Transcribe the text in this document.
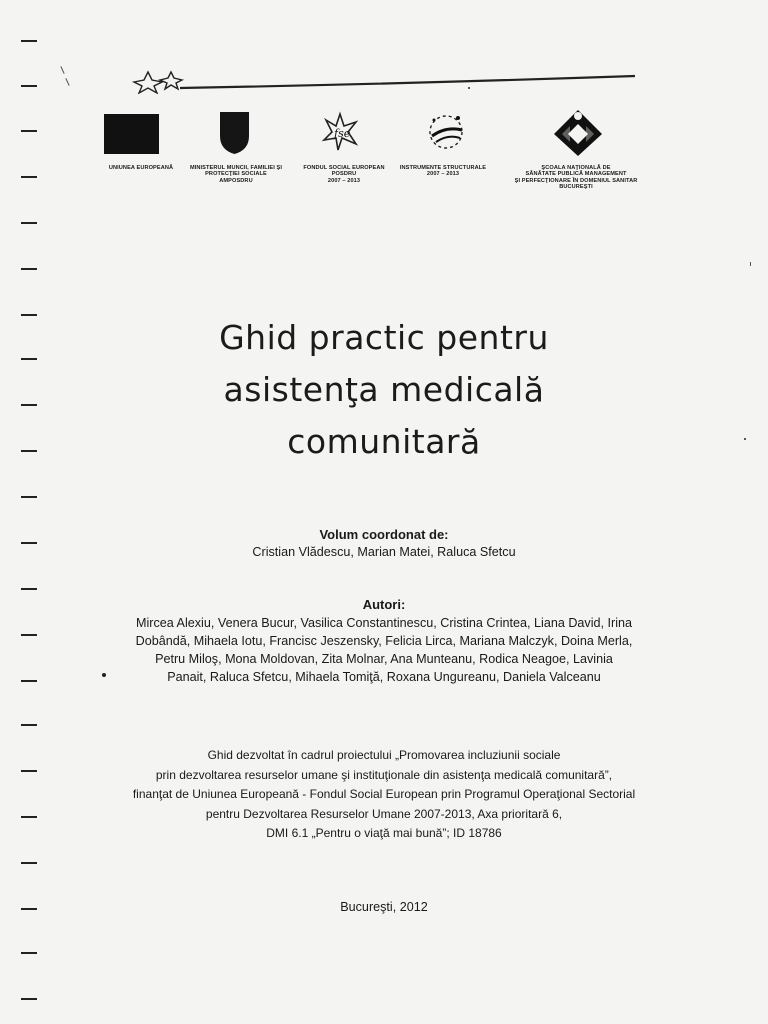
fse
UNIUNEA EUROPEANĂ	MINISTERUL MUNCII, FAMILIEI ŞI
PROTECŢIEI SOCIALE
AMPOSDRU
FONDUL SOCIAL EUROPEAN
POSDRU
2007 – 2013
INSTRUMENTE STRUCTURALE
2007 – 2013
ŞCOALA NAŢIONALĂ DE
SĂNĂTATE PUBLICĂ MANAGEMENT
ŞI PERFECŢIONARE ÎN DOMENIUL SANITAR
BUCUREŞTI
Ghid practic pentru
asistenţa medicală
comunitară
Volum coordonat de:
Cristian Vlădescu, Marian Matei, Raluca Sfetcu
Autori:
Mircea Alexiu, Venera Bucur, Vasilica Constantinescu, Cristina Crintea, Liana David, Irina
Dobândă, Mihaela Iotu, Francisc Jeszensky, Felicia Lirca, Mariana Malczyk, Doina Merla,
Petru Miloş, Mona Moldovan, Zita Molnar, Ana Munteanu, Rodica Neagoe, Lavinia
Panait, Raluca Sfetcu, Mihaela Tomiţă, Roxana Ungureanu, Daniela Valceanu
Ghid dezvoltat în cadrul proiectului „Promovarea incluziunii sociale
prin dezvoltarea resurselor umane şi instituţionale din asistenţa medicală comunitară”,
finanţat de Uniunea Europeană - Fondul Social European prin Programul Operaţional Sectorial
pentru Dezvoltarea Resurselor Umane 2007-2013, Axa prioritară 6,
DMI 6.1 „Pentru o viaţă mai bună”; ID 18786
Bucureşti, 2012
